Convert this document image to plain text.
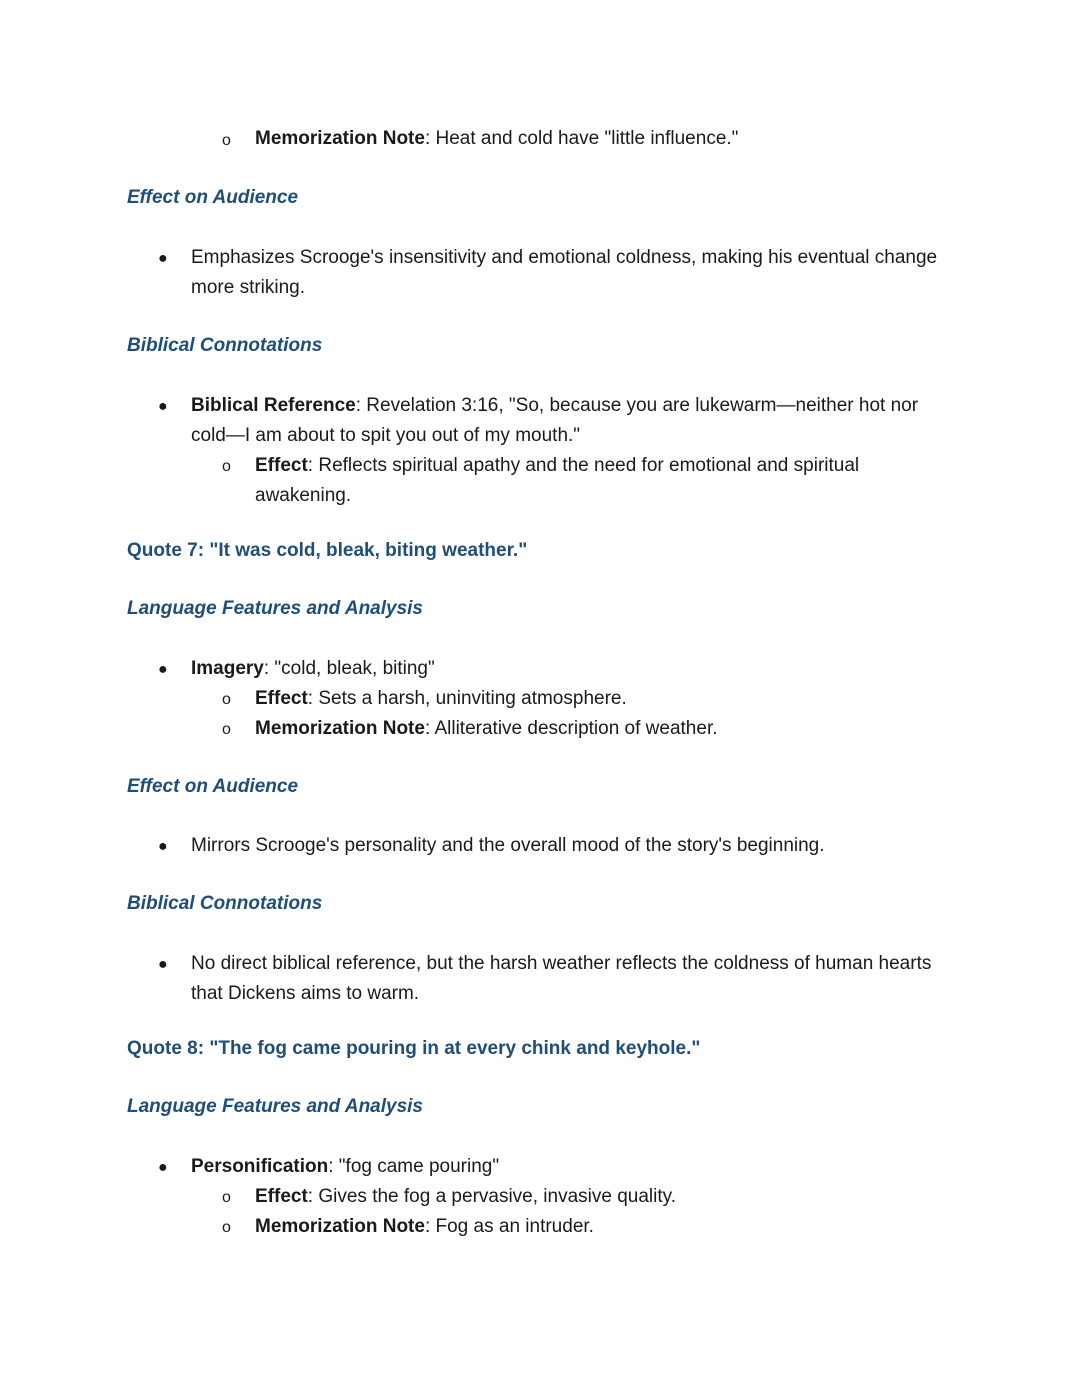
o Memorization Note: Heat and cold have "little influence."
Effect on Audience
● Emphasizes Scrooge's insensitivity and emotional coldness, making his eventual change more striking.
Biblical Connotations
● Biblical Reference: Revelation 3:16, "So, because you are lukewarm—neither hot nor cold—I am about to spit you out of my mouth."
o Effect: Reflects spiritual apathy and the need for emotional and spiritual awakening.
Quote 7: "It was cold, bleak, biting weather."
Language Features and Analysis
● Imagery: "cold, bleak, biting"
o Effect: Sets a harsh, uninviting atmosphere.
o Memorization Note: Alliterative description of weather.
Effect on Audience
● Mirrors Scrooge's personality and the overall mood of the story's beginning.
Biblical Connotations
● No direct biblical reference, but the harsh weather reflects the coldness of human hearts that Dickens aims to warm.
Quote 8: "The fog came pouring in at every chink and keyhole."
Language Features and Analysis
● Personification: "fog came pouring"
o Effect: Gives the fog a pervasive, invasive quality.
o Memorization Note: Fog as an intruder.
